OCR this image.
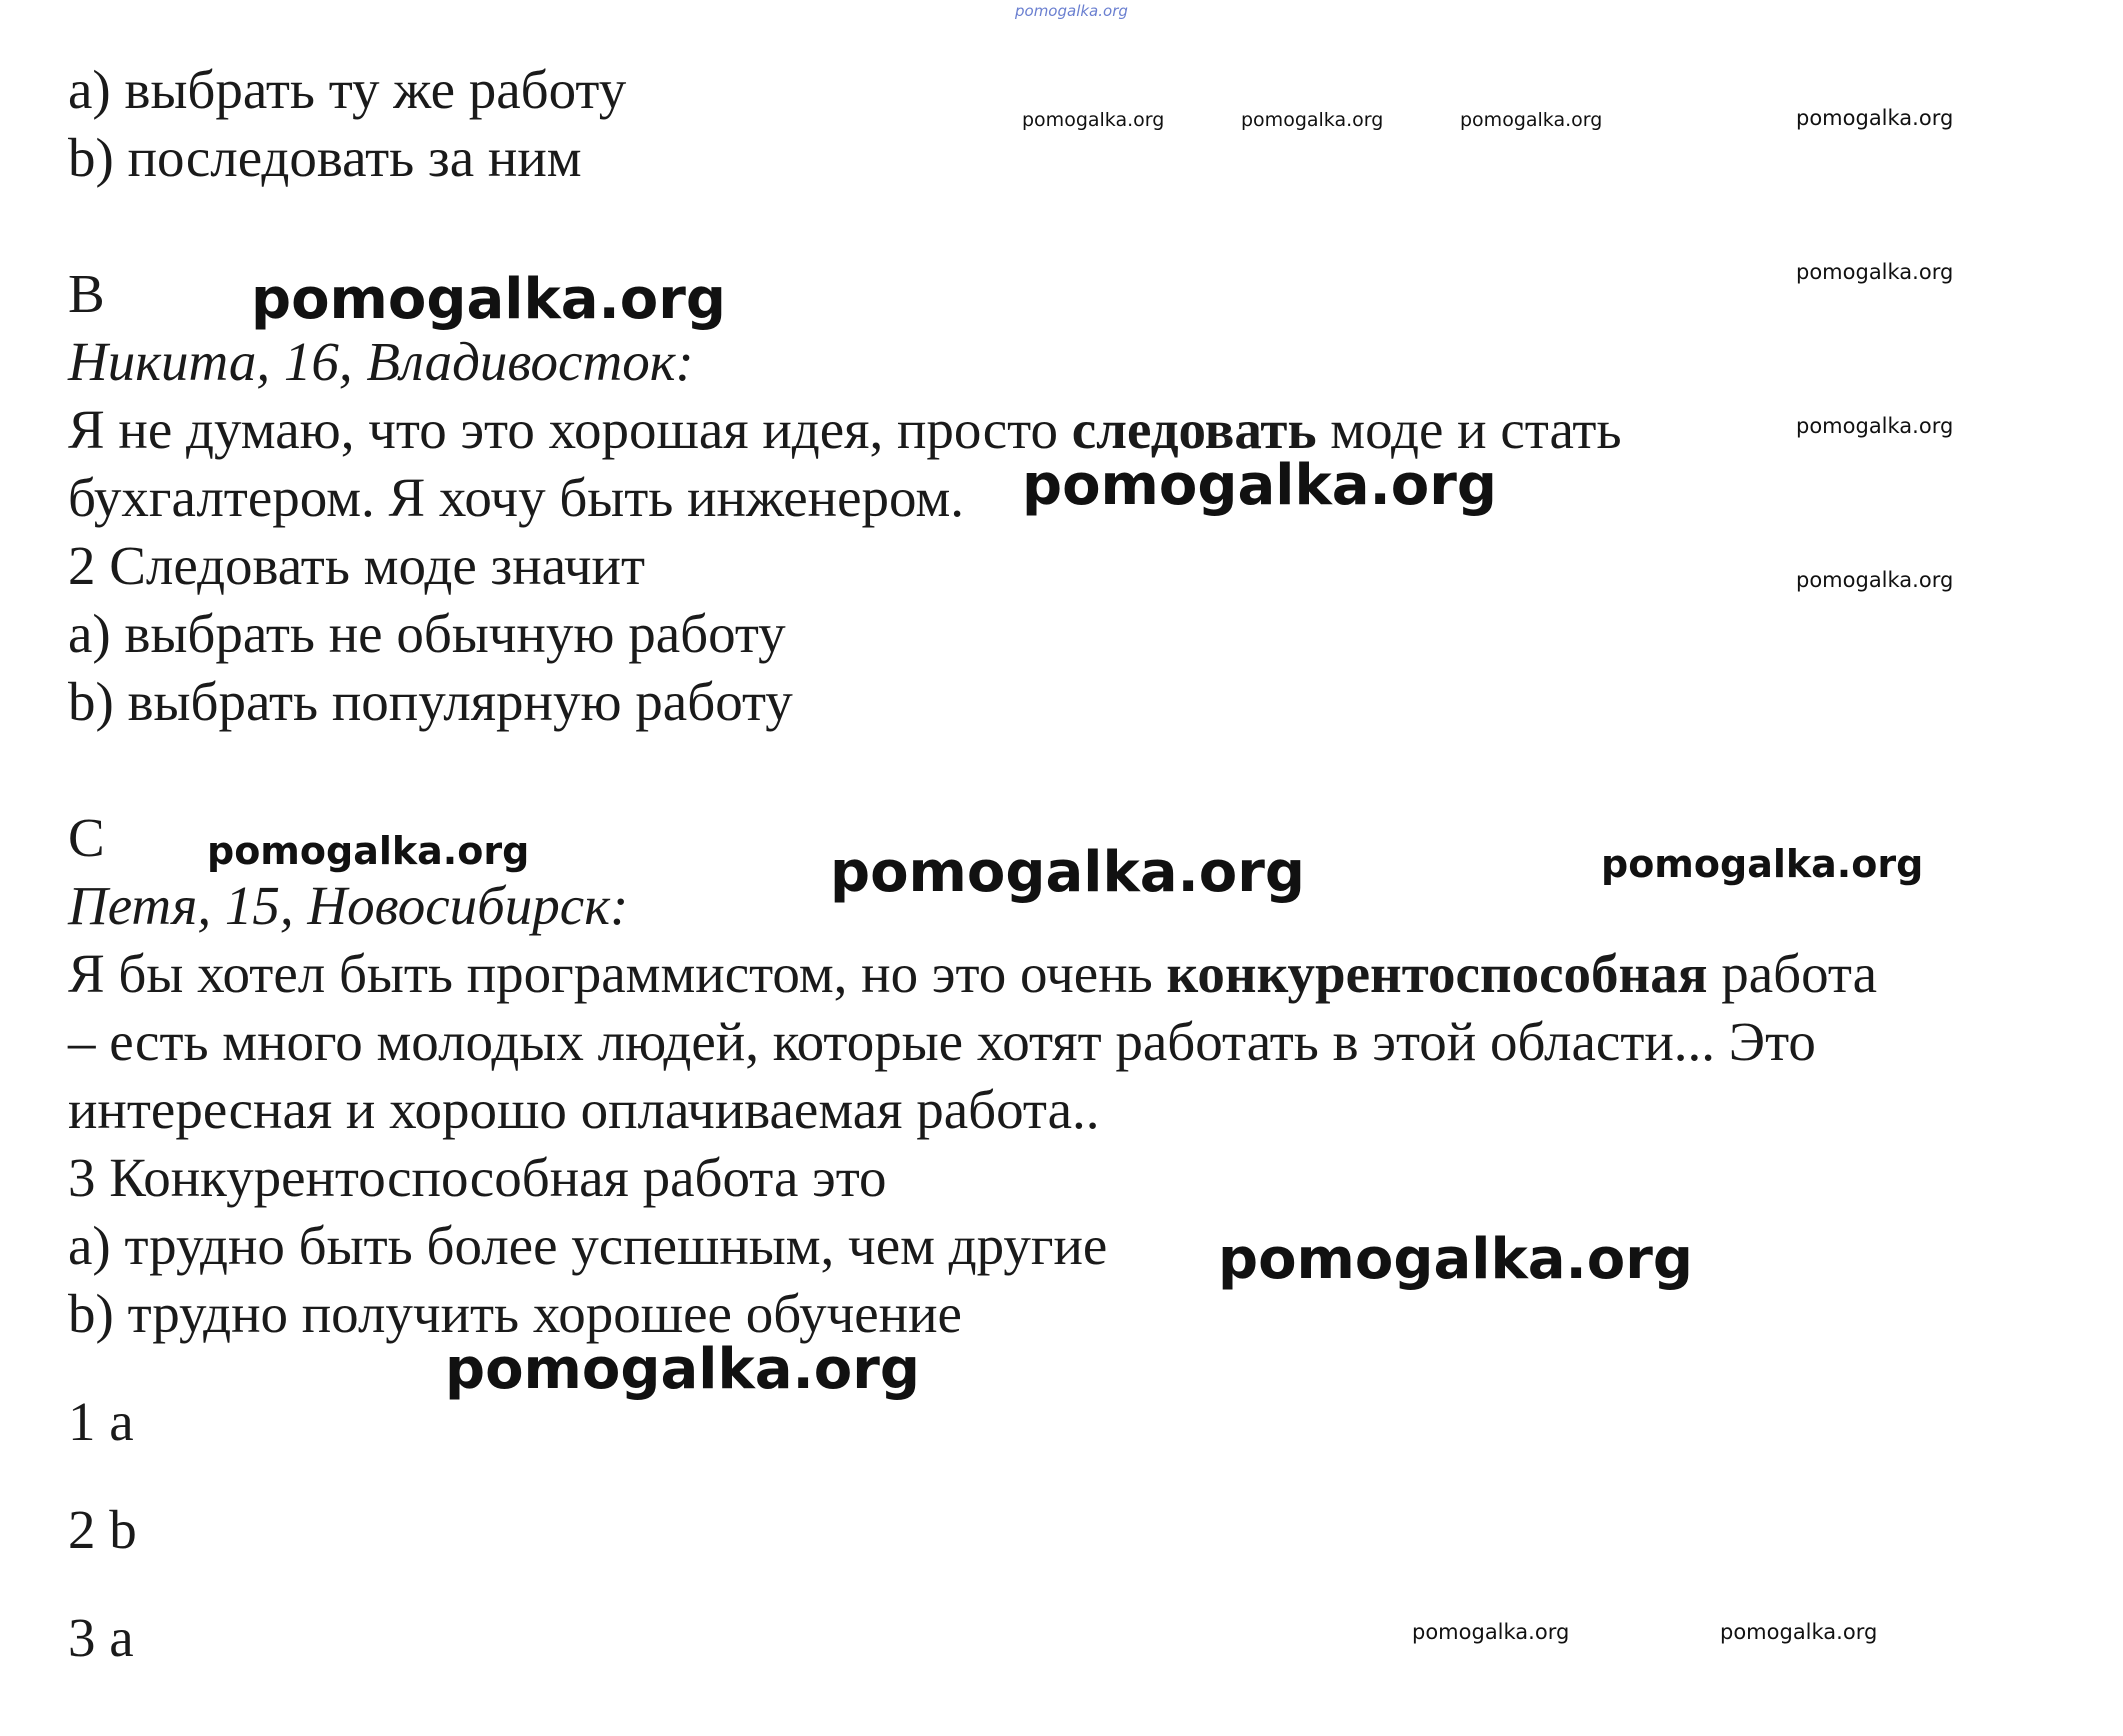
pomogalka.org
pomogalka.org	pomogalka.org	pomogalka.org	pomogalka.org
pomogalka.org
pomogalka.org
pomogalka.org
pomogalka.org	pomogalka.org
pomogalka.org
pomogalka.org
pomogalka.org	pomogalka.org	pomogalka.org
pomogalka.org
pomogalka.org
a) выбрать ту же работу
b) последовать за ним
B
Никита, 16, Владивосток:
Я не думаю, что это хорошая идея, просто следовать моде и стать
бухгалтером. Я хочу быть инженером.
2 Следовать моде значит
a) выбрать не обычную работу
b) выбрать популярную работу
C
Петя, 15, Новосибирск:
Я бы хотел быть программистом, но это очень конкурентоспособная работа
– есть много молодых людей, которые хотят работать в этой области... Это
интересная и хорошо оплачиваемая работа..
3 Конкурентоспособная работа это
a) трудно быть более успешным, чем другие
b) трудно получить хорошее обучение
1 a
2 b
3 a
